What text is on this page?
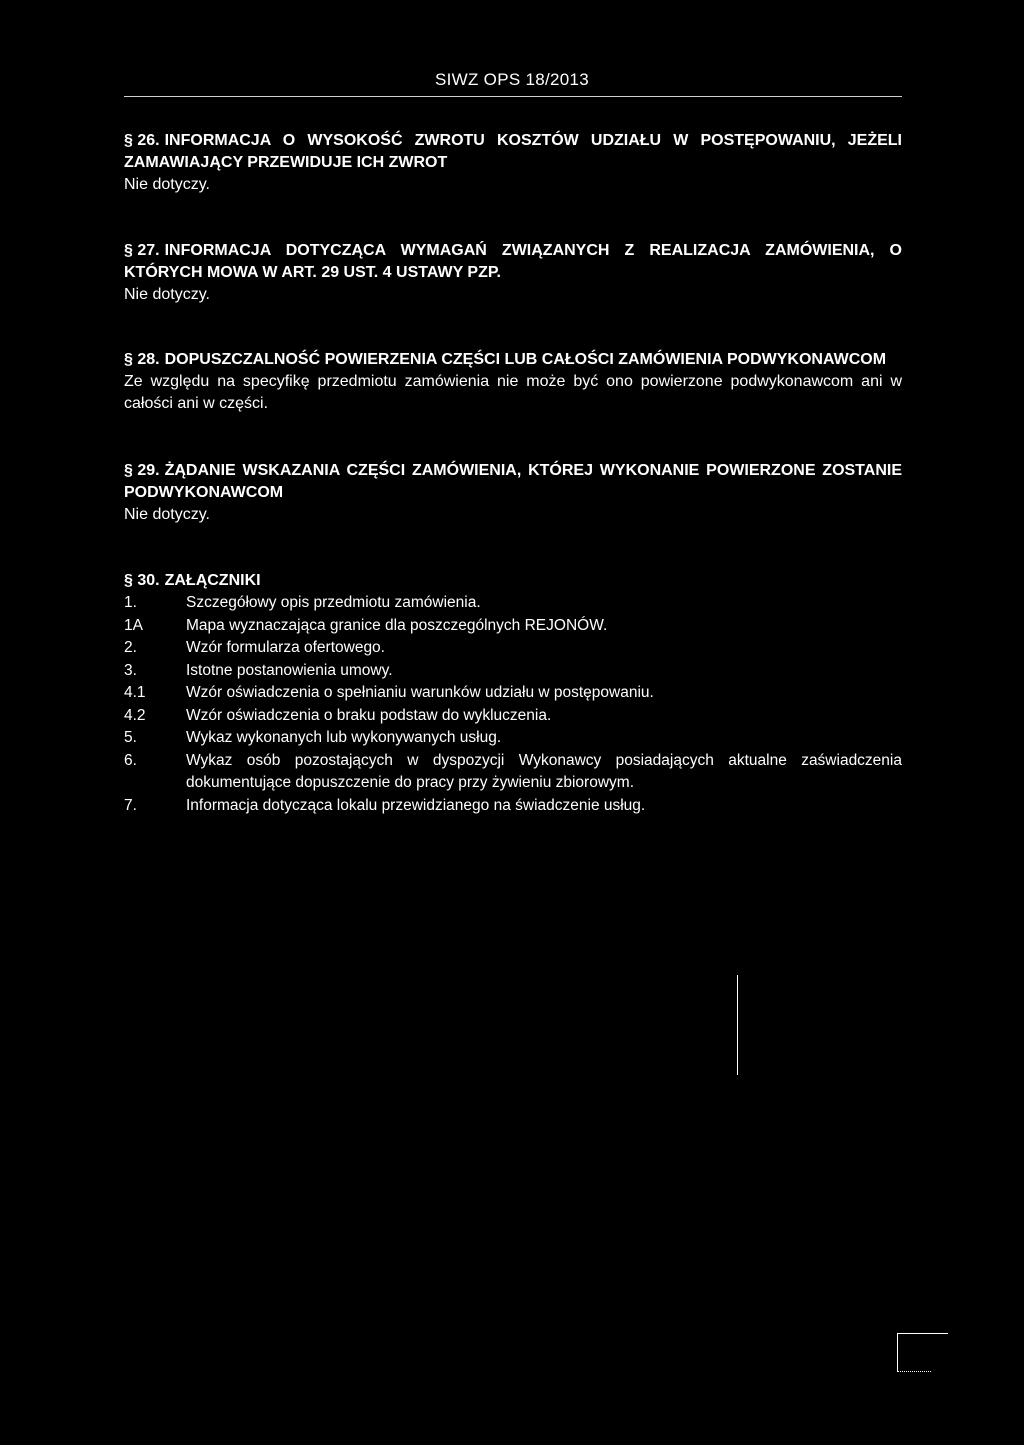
SIWZ OPS 18/2013
§ 26. INFORMACJA O WYSOKOŚĆ ZWROTU KOSZTÓW UDZIAŁU W POSTĘPOWANIU, JEŻELI ZAMAWIAJĄCY PRZEWIDUJE ICH ZWROT
Nie dotyczy.
§ 27. INFORMACJA DOTYCZĄCA WYMAGAŃ ZWIĄZANYCH Z REALIZACJA ZAMÓWIENIA, O KTÓRYCH MOWA W ART. 29 UST. 4 USTAWY PZP.
Nie dotyczy.
§ 28. DOPUSZCZALNOŚĆ POWIERZENIA CZĘŚCI LUB CAŁOŚCI ZAMÓWIENIA PODWYKONAWCOM
Ze względu na specyfikę przedmiotu zamówienia nie może być ono powierzone podwykonawcom ani w całości ani w części.
§ 29. ŻĄDANIE WSKAZANIA CZĘŚCI ZAMÓWIENIA, KTÓREJ WYKONANIE POWIERZONE ZOSTANIE PODWYKONAWCOM
Nie dotyczy.
§ 30. ZAŁĄCZNIKI
1.	Szczegółowy opis przedmiotu zamówienia.
1A	Mapa wyznaczająca granice dla poszczególnych REJONÓW.
2.	Wzór formularza ofertowego.
3.	Istotne postanowienia umowy.
4.1	Wzór oświadczenia o spełnianiu warunków udziału w postępowaniu.
4.2	Wzór oświadczenia o braku podstaw do wykluczenia.
5.	Wykaz wykonanych lub wykonywanych usług.
6.	Wykaz osób pozostających w dyspozycji Wykonawcy posiadających aktualne zaświadczenia dokumentujące dopuszczenie do pracy przy żywieniu zbiorowym.
7.	Informacja dotycząca lokalu przewidzianego na świadczenie usług.
